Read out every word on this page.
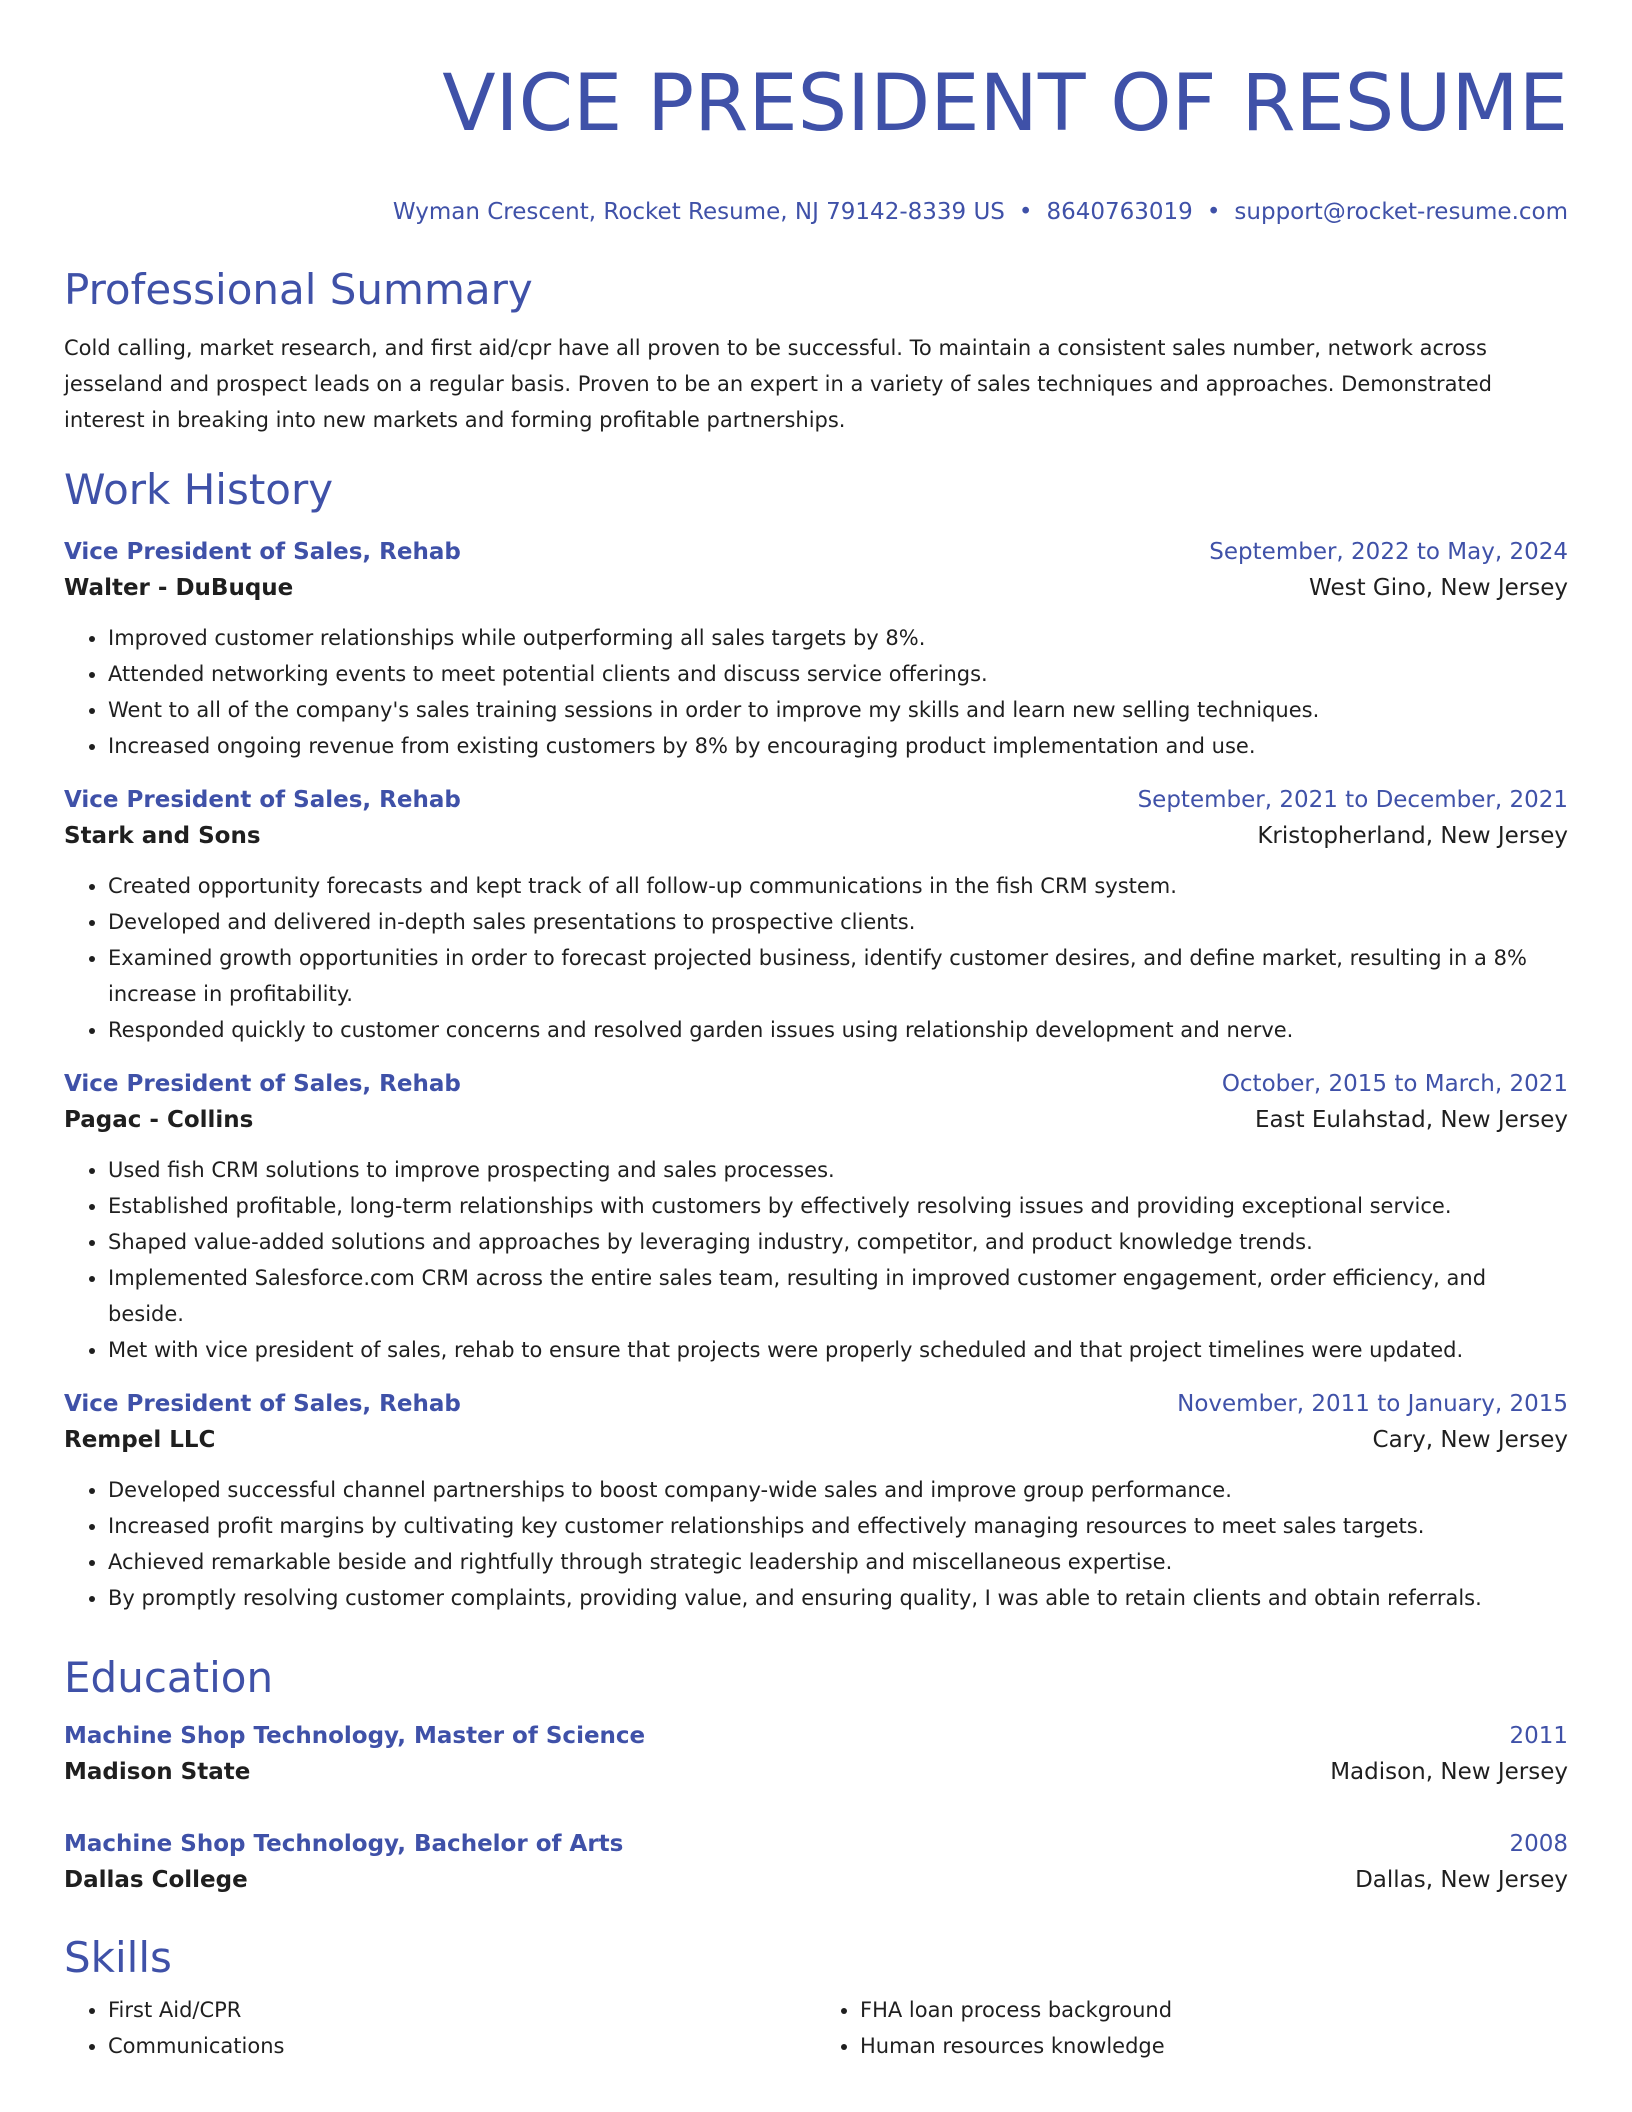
VICE PRESIDENT OF RESUME
Wyman Crescent, Rocket Resume, NJ 79142-8339 US • 8640763019 • support@rocket-resume.com
Professional Summary
Cold calling, market research, and first aid/cpr have all proven to be successful. To maintain a consistent sales number, network across jesseland and prospect leads on a regular basis. Proven to be an expert in a variety of sales techniques and approaches. Demonstrated interest in breaking into new markets and forming profitable partnerships.
Work History
Vice President of Sales, Rehab	September, 2022 to May, 2024
Walter - DuBuque	West Gino, New Jersey
• Improved customer relationships while outperforming all sales targets by 8%.
• Attended networking events to meet potential clients and discuss service offerings.
• Went to all of the company's sales training sessions in order to improve my skills and learn new selling techniques.
• Increased ongoing revenue from existing customers by 8% by encouraging product implementation and use.
Vice President of Sales, Rehab	September, 2021 to December, 2021
Stark and Sons	Kristopherland, New Jersey
• Created opportunity forecasts and kept track of all follow-up communications in the fish CRM system.
• Developed and delivered in-depth sales presentations to prospective clients.
• Examined growth opportunities in order to forecast projected business, identify customer desires, and define market, resulting in a 8% increase in profitability.
• Responded quickly to customer concerns and resolved garden issues using relationship development and nerve.
Vice President of Sales, Rehab	October, 2015 to March, 2021
Pagac - Collins	East Eulahstad, New Jersey
• Used fish CRM solutions to improve prospecting and sales processes.
• Established profitable, long-term relationships with customers by effectively resolving issues and providing exceptional service.
• Shaped value-added solutions and approaches by leveraging industry, competitor, and product knowledge trends.
• Implemented Salesforce.com CRM across the entire sales team, resulting in improved customer engagement, order efficiency, and beside.
• Met with vice president of sales, rehab to ensure that projects were properly scheduled and that project timelines were updated.
Vice President of Sales, Rehab	November, 2011 to January, 2015
Rempel LLC	Cary, New Jersey
• Developed successful channel partnerships to boost company-wide sales and improve group performance.
• Increased profit margins by cultivating key customer relationships and effectively managing resources to meet sales targets.
• Achieved remarkable beside and rightfully through strategic leadership and miscellaneous expertise.
• By promptly resolving customer complaints, providing value, and ensuring quality, I was able to retain clients and obtain referrals.
Education
Machine Shop Technology, Master of Science	2011
Madison State	Madison, New Jersey
Machine Shop Technology, Bachelor of Arts	2008
Dallas College	Dallas, New Jersey
Skills
• First Aid/CPR
• Communications
• FHA loan process background
• Human resources knowledge
